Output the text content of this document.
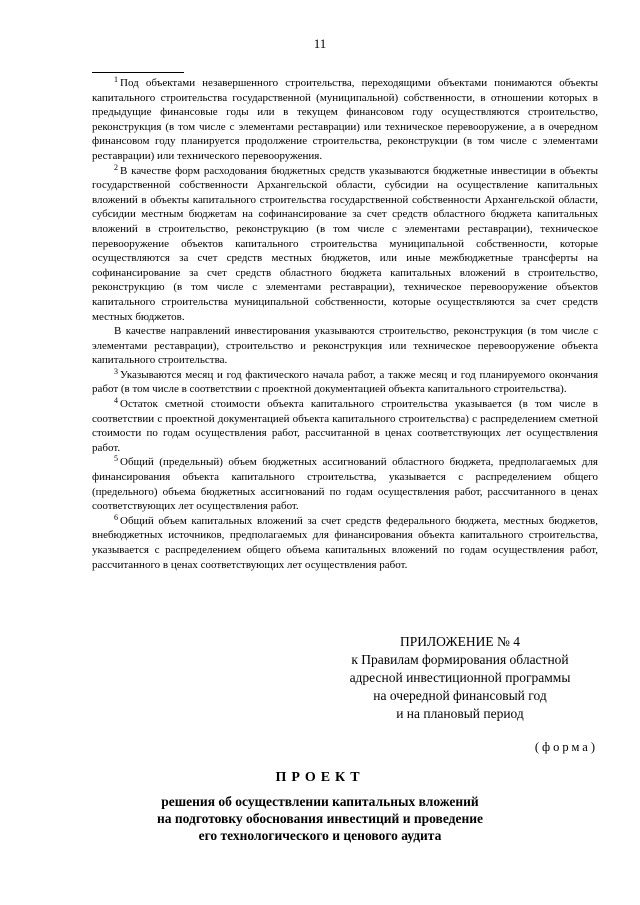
11

$^1$ Под объектами незавершенного строительства, переходящими объектами понимаются объекты капитального строительства государственной (муниципальной) собственности, в отношении которых в предыдущие финансовые годы или в текущем финансовом году осуществляются строительство, реконструкция (в том числе с элементами реставрации) или техническое перевооружение, а в очередном финансовом году планируется продолжение строительства, реконструкции (в том числе с элементами реставрации) или технического перевооружения.

$^2$ В качестве форм расходования бюджетных средств указываются бюджетные инвестиции в объекты государственной собственности Архангельской области, субсидии на осуществление капитальных вложений в объекты капитального строительства государственной собственности Архангельской области, субсидии местным бюджетам на софинансирование за счет средств областного бюджета капитальных вложений в строительство, реконструкцию (в том числе с элементами реставрации), техническое перевооружение объектов капитального строительства муниципальной собственности, которые осуществляются за счет средств местных бюджетов, или иные межбюджетные трансферты на софинансирование за счет средств областного бюджета капитальных вложений в строительство, реконструкцию (в том числе с элементами реставрации), техническое перевооружение объектов капитального строительства муниципальной собственности, которые осуществляются за счет средств местных бюджетов.

В качестве направлений инвестирования указываются строительство, реконструкция (в том числе с элементами реставрации), строительство и реконструкция или техническое перевооружение объекта капитального строительства.

$^3$ Указываются месяц и год фактического начала работ, а также месяц и год планируемого окончания работ (в том числе в соответствии с проектной документацией объекта капитального строительства).

$^4$ Остаток сметной стоимости объекта капитального строительства указывается (в том числе в соответствии с проектной документацией объекта капитального строительства) с распределением сметной стоимости по годам осуществления работ, рассчитанной в ценах соответствующих лет осуществления работ.

$^5$ Общий (предельный) объем бюджетных ассигнований областного бюджета, предполагаемых для финансирования объекта капитального строительства, указывается с распределением общего (предельного) объема бюджетных ассигнований по годам осуществления работ, рассчитанного в ценах соответствующих лет осуществления работ.

$^6$ Общий объем капитальных вложений за счет средств федерального бюджета, местных бюджетов, внебюджетных источников, предполагаемых для финансирования объекта капитального строительства, указывается с распределением общего объема капитальных вложений по годам осуществления работ, рассчитанного в ценах соответствующих лет осуществления работ.

ПРИЛОЖЕНИЕ № 4
к Правилам формирования областной
адресной инвестиционной программы
на очередной финансовый год
и на плановый период
(форма)
ПРОЕКТ
решения об осуществлении капитальных вложений
на подготовку обоснования инвестиций и проведение
его технологического и ценового аудита
